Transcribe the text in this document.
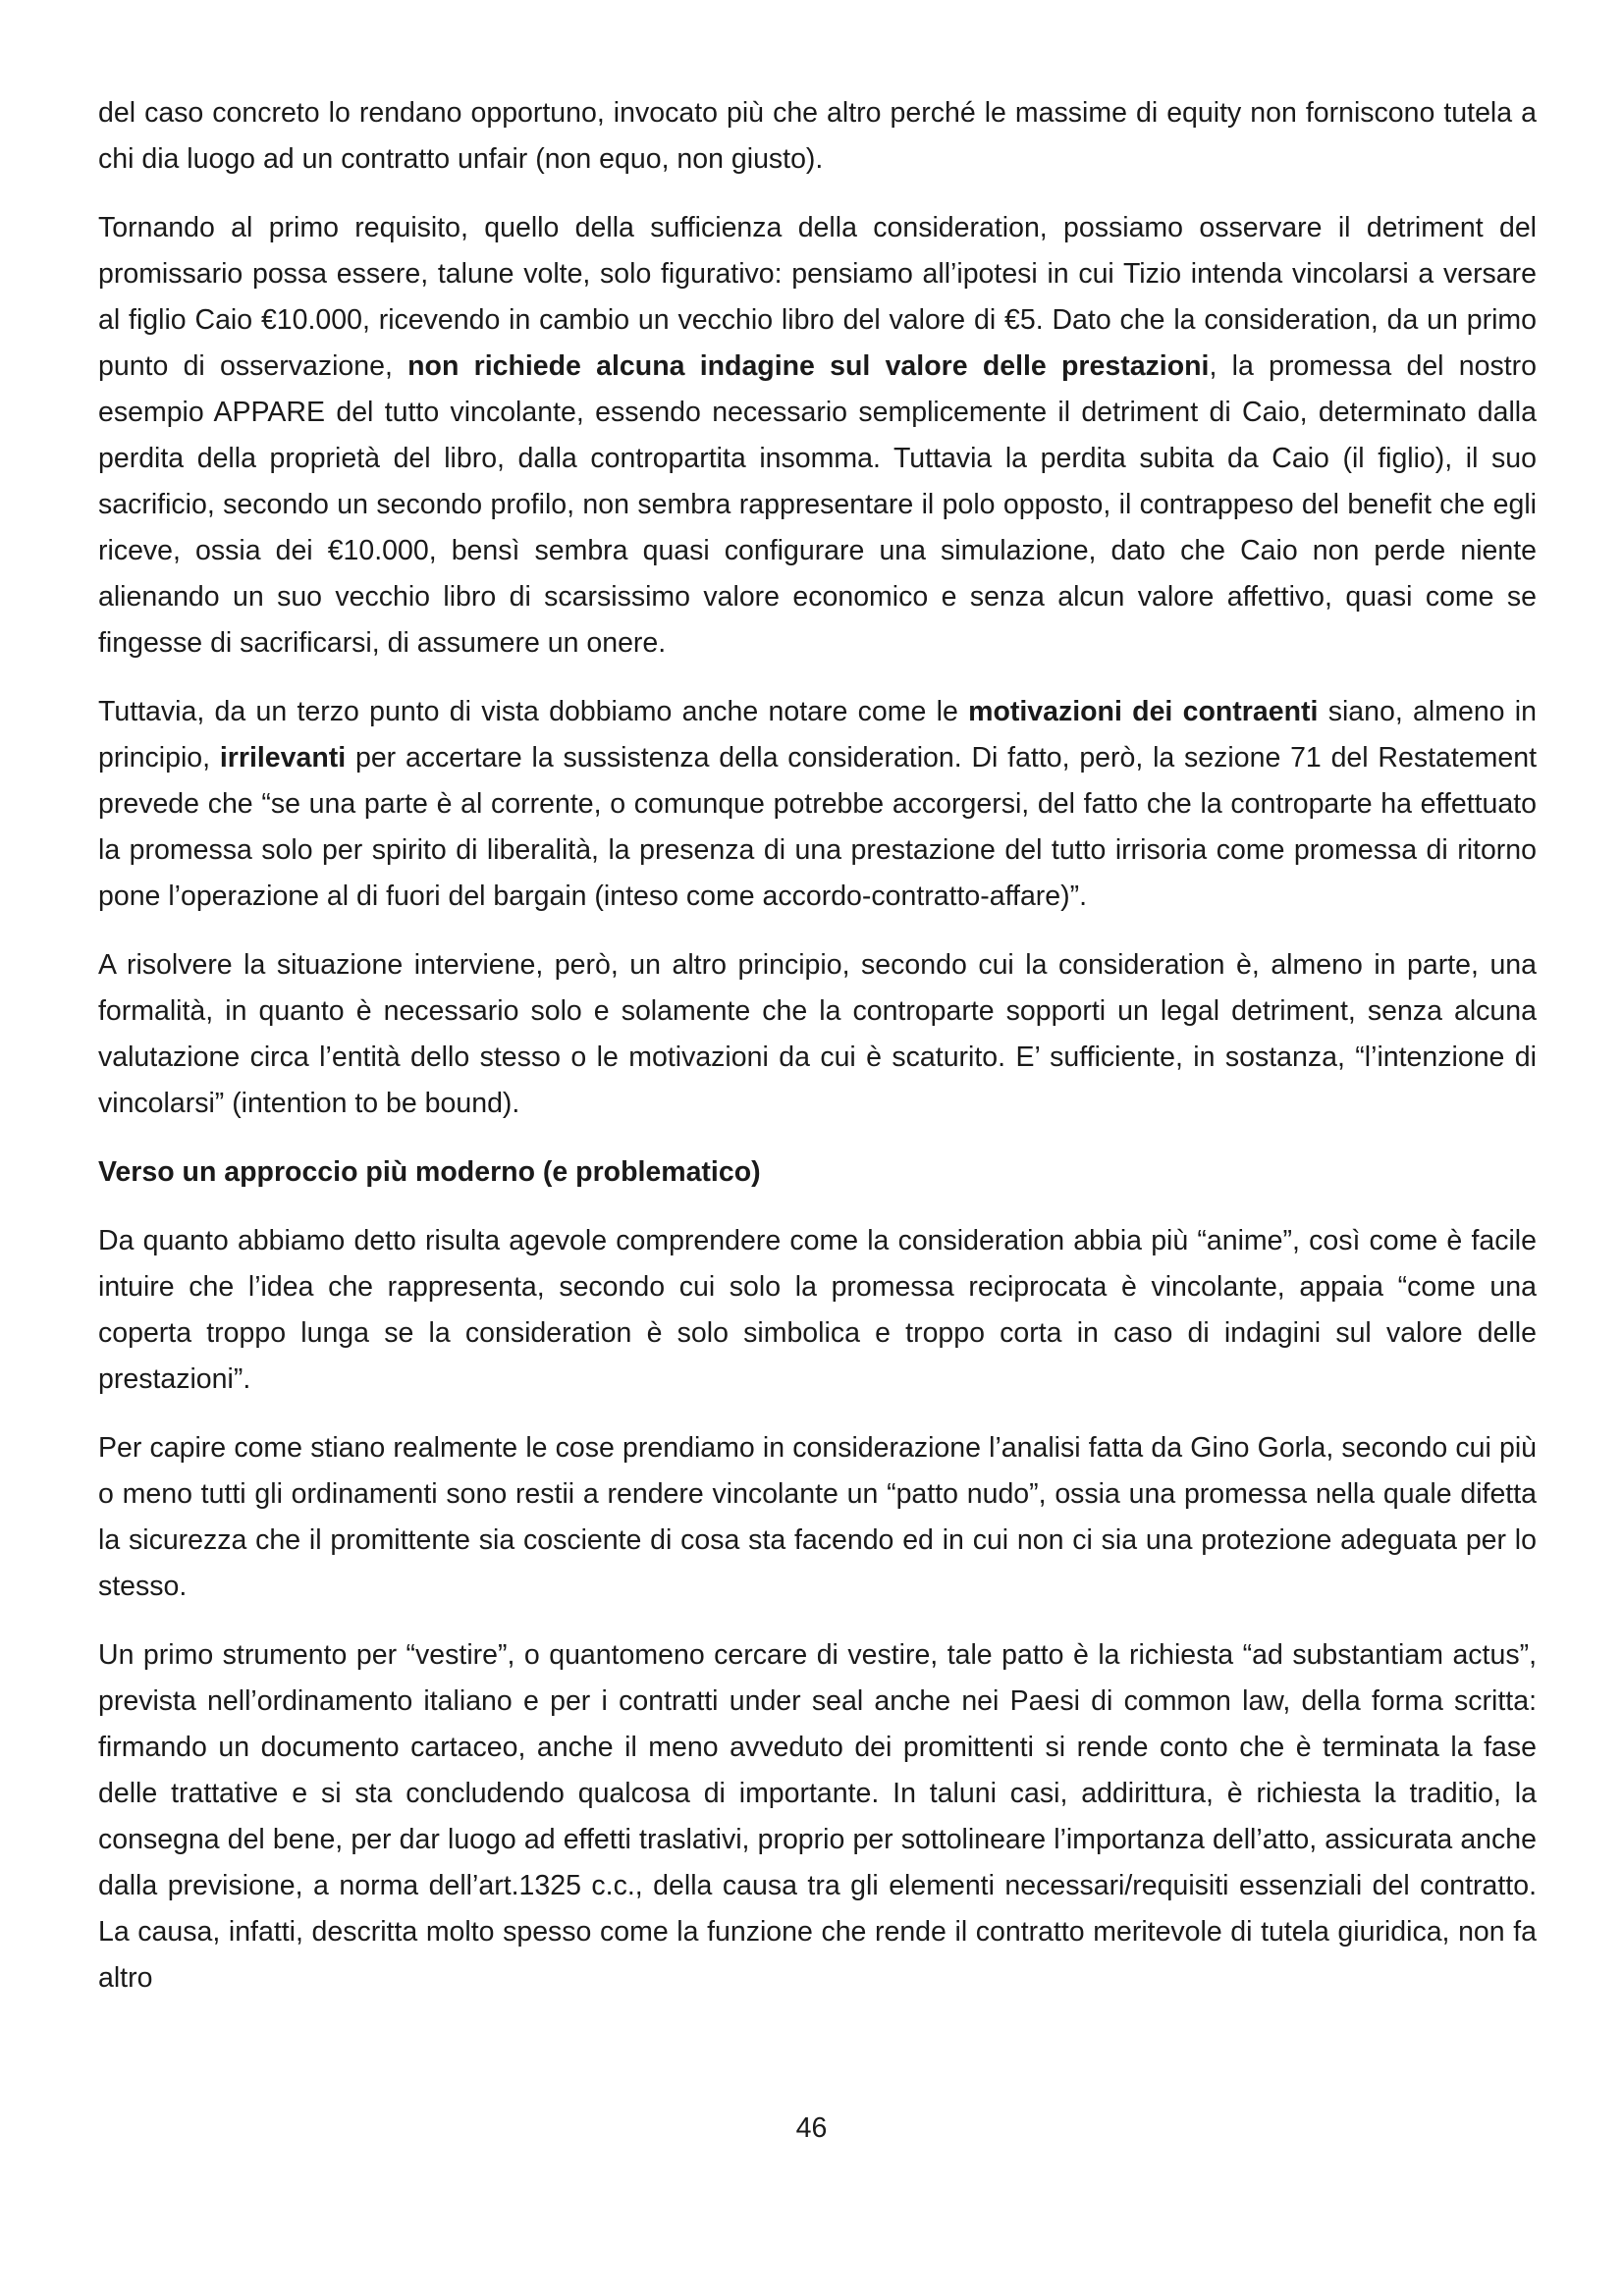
del caso concreto lo rendano opportuno, invocato più che altro perché le massime di equity non forniscono tutela a chi dia luogo ad un contratto unfair (non equo, non giusto).

Tornando al primo requisito, quello della sufficienza della consideration, possiamo osservare il detriment del promissario possa essere, talune volte, solo figurativo: pensiamo all’ipotesi in cui Tizio intenda vincolarsi a versare al figlio Caio €10.000, ricevendo in cambio un vecchio libro del valore di €5. Dato che la consideration, da un primo punto di osservazione, non richiede alcuna indagine sul valore delle prestazioni, la promessa del nostro esempio APPARE del tutto vincolante, essendo necessario semplicemente il detriment di Caio, determinato dalla perdita della proprietà del libro, dalla contropartita insomma. Tuttavia la perdita subita da Caio (il figlio), il suo sacrificio, secondo un secondo profilo, non sembra rappresentare il polo opposto, il contrappeso del benefit che egli riceve, ossia dei €10.000, bensì sembra quasi configurare una simulazione, dato che Caio non perde niente alienando un suo vecchio libro di scarsissimo valore economico e senza alcun valore affettivo, quasi come se fingesse di sacrificarsi, di assumere un onere.

Tuttavia, da un terzo punto di vista dobbiamo anche notare come le motivazioni dei contraenti siano, almeno in principio, irrilevanti per accertare la sussistenza della consideration. Di fatto, però, la sezione 71 del Restatement prevede che “se una parte è al corrente, o comunque potrebbe accorgersi, del fatto che la controparte ha effettuato la promessa solo per spirito di liberalità, la presenza di una prestazione del tutto irrisoria come promessa di ritorno pone l’operazione al di fuori del bargain (inteso come accordo-contratto-affare)”.

A risolvere la situazione interviene, però, un altro principio, secondo cui la consideration è, almeno in parte, una formalità, in quanto è necessario solo e solamente che la controparte sopporti un legal detriment, senza alcuna valutazione circa l’entità dello stesso o le motivazioni da cui è scaturito. E’ sufficiente, in sostanza, “l’intenzione di vincolarsi” (intention to be bound).

Verso un approccio più moderno (e problematico)

Da quanto abbiamo detto risulta agevole comprendere come la consideration abbia più “anime”, così come è facile intuire che l’idea che rappresenta, secondo cui solo la promessa reciprocata è vincolante, appaia “come una coperta troppo lunga se la consideration è solo simbolica e troppo corta in caso di indagini sul valore delle prestazioni”.

Per capire come stiano realmente le cose prendiamo in considerazione l’analisi fatta da Gino Gorla, secondo cui più o meno tutti gli ordinamenti sono restii a rendere vincolante un “patto nudo”, ossia una promessa nella quale difetta la sicurezza che il promittente sia cosciente di cosa sta facendo ed in cui non ci sia una protezione adeguata per lo stesso.

Un primo strumento per “vestire”, o quantomeno cercare di vestire, tale patto è la richiesta “ad substantiam actus”, prevista nell’ordinamento italiano e per i contratti under seal anche nei Paesi di common law, della forma scritta: firmando un documento cartaceo, anche il meno avveduto dei promittenti si rende conto che è terminata la fase delle trattative e si sta concludendo qualcosa di importante. In taluni casi, addirittura, è richiesta la traditio, la consegna del bene, per dar luogo ad effetti traslativi, proprio per sottolineare l’importanza dell’atto, assicurata anche dalla previsione, a norma dell’art.1325 c.c., della causa tra gli elementi necessari/requisiti essenziali del contratto. La causa, infatti, descritta molto spesso come la funzione che rende il contratto meritevole di tutela giuridica, non fa altro

46
